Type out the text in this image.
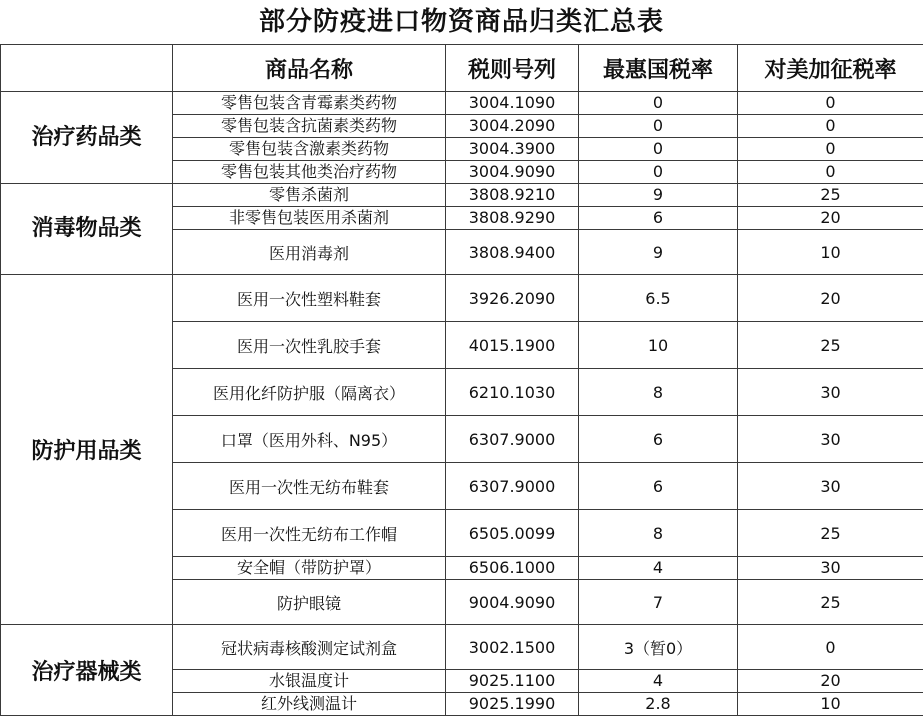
部分防疫进口物资商品归类汇总表
	商品名称	税则号列	最惠国税率	对美加征税率
治疗药品类	零售包装含青霉素类药物	3004.1090	0	0
	零售包装含抗菌素类药物	3004.2090	0	0
	零售包装含激素类药物	3004.3900	0	0
	零售包装其他类治疗药物	3004.9090	0	0
消毒物品类	零售杀菌剂	3808.9210	9	25
	非零售包装医用杀菌剂	3808.9290	6	20
	医用消毒剂	3808.9400	9	10
防护用品类	医用一次性塑料鞋套	3926.2090	6.5	20
	医用一次性乳胶手套	4015.1900	10	25
	医用化纤防护服（隔离衣）	6210.1030	8	30
	口罩（医用外科、N95）	6307.9000	6	30
	医用一次性无纺布鞋套	6307.9000	6	30
	医用一次性无纺布工作帽	6505.0099	8	25
	安全帽（带防护罩）	6506.1000	4	30
	防护眼镜	9004.9090	7	25
治疗器械类	冠状病毒核酸测定试剂盒	3002.1500	3（暂0）	0
	水银温度计	9025.1100	4	20
	红外线测温计	9025.1990	2.8	10
